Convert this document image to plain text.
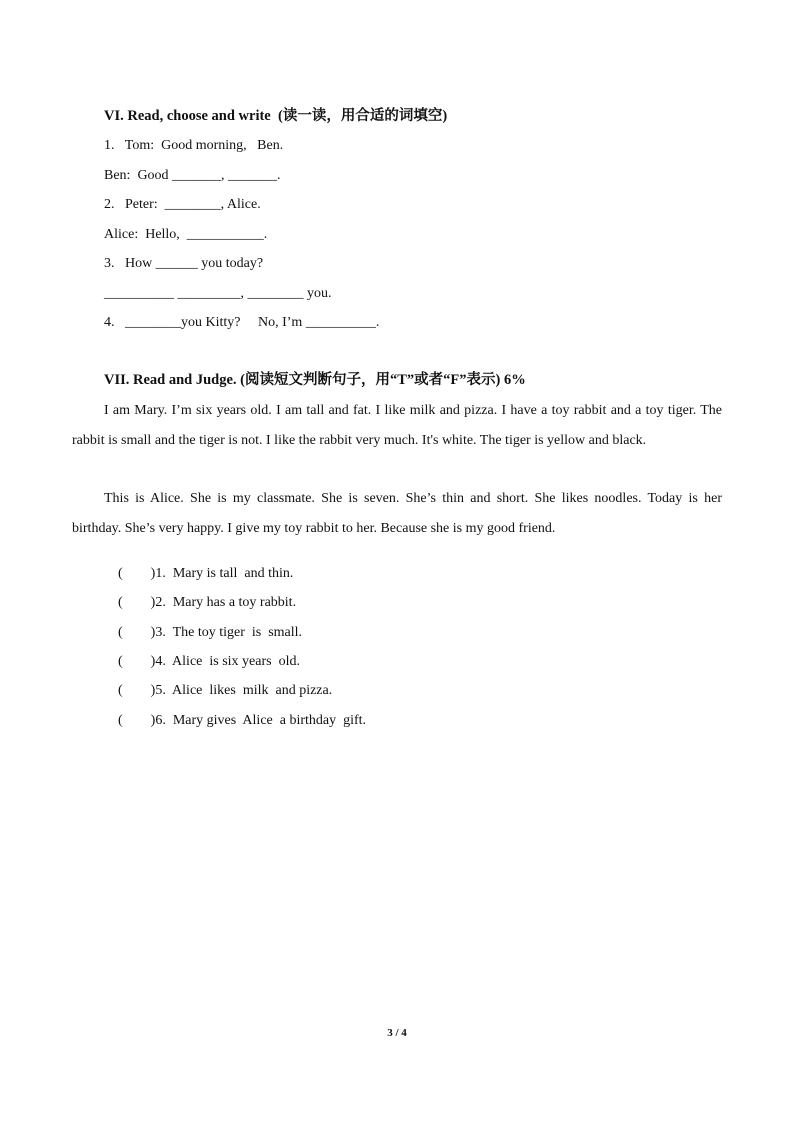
VI. Read, choose and write  (读一读，用合适的词填空)
1.   Tom:  Good morning,   Ben.
Ben:  Good _______, _______.
2.   Peter:  ________, Alice.
Alice:  Hello,  ___________.
3.   How ______ you today?
__________ _________, ________ you.
4.   ________you Kitty?     No, I’m __________.
VII. Read and Judge. (阅读短文判断句子，用“T”或者“F”表示) 6%
I am Mary. I’m six years old. I am tall and fat. I like milk and pizza. I have a toy rabbit and a toy tiger. The rabbit is small and the tiger is not. I like the rabbit very much. It's white. The tiger is yellow and black.
This is Alice. She is my classmate. She is seven. She’s thin and short. She likes noodles. Today is her birthday. She’s very happy. I give my toy rabbit to her. Because she is my good friend.

(        )1.  Mary is tall  and thin.

(        )2.  Mary has a toy rabbit.

(        )3.  The toy tiger  is  small.

(        )4.  Alice  is six years  old.

(        )5.  Alice  likes  milk  and pizza.

(        )6.  Mary gives  Alice  a birthday  gift.

3 / 4
